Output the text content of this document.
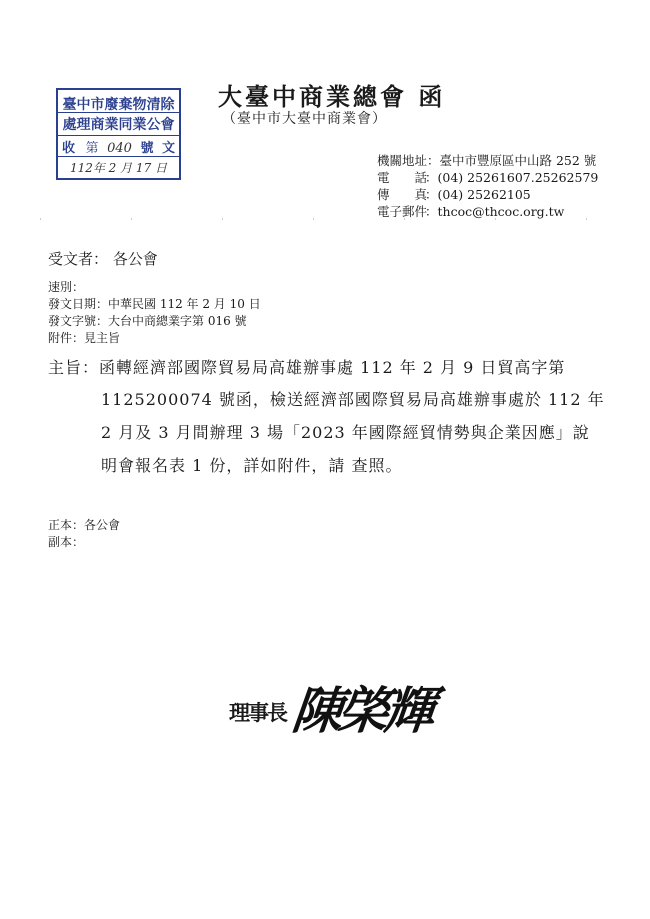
臺中市廢棄物清除
處理商業同業公會
收 第 040 號 文
112年 2 月 17 日
大臺中商業總會 函
（臺中市大臺中商業會）
機關地址：臺中市豐原區中山路 252 號
電　　話：(04) 25261607.25262579
傳　　真：(04) 25262105
電子郵件：thcoc@thcoc.org.tw
受文者： 各公會
速別：
發文日期：中華民國 112 年 2 月 10 日
發文字號：大台中商總業字第 016 號
附件：見主旨
主旨：函轉經濟部國際貿易局高雄辦事處 112 年 2 月 9 日貿高字第
1125200074 號函，檢送經濟部國際貿易局高雄辦事處於 112 年
2 月及 3 月間辦理 3 場「2023 年國際經貿情勢與企業因應」說
明會報名表 1 份，詳如附件，請 查照。
正本：各公會
副本：
理事長 陳棨輝
